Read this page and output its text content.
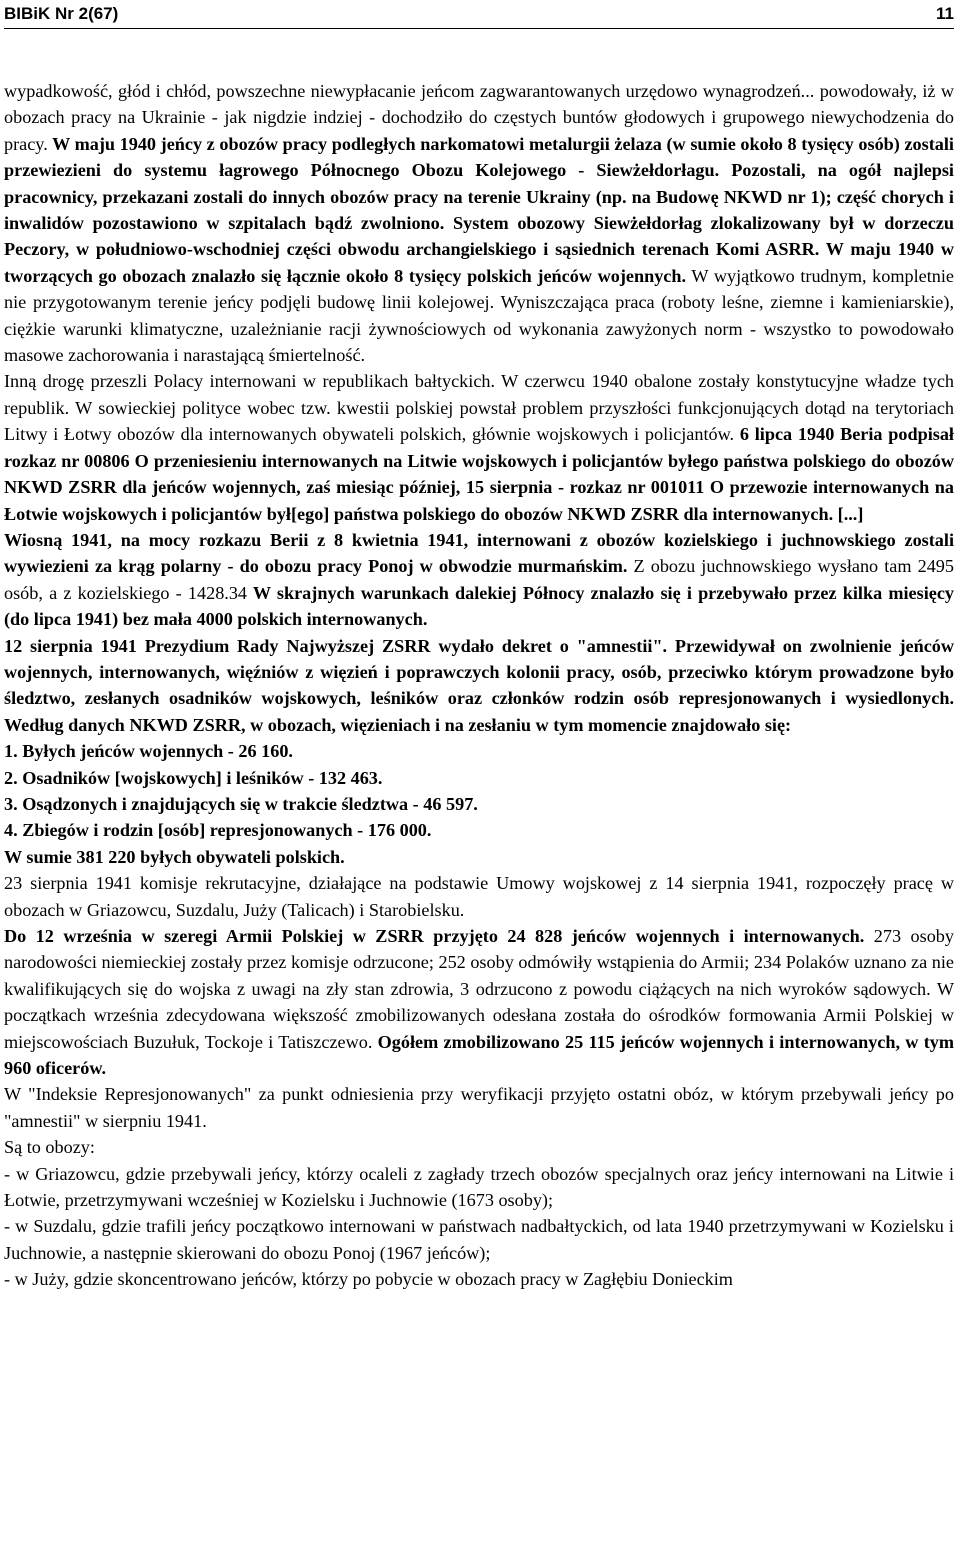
BIBiK Nr 2(67)	11

wypadkowość, głód i chłód, powszechne niewypłacanie jeńcom zagwarantowanych urzędowo wynagrodzeń... powodowały, iż w obozach pracy na Ukrainie - jak nigdzie indziej - dochodziło do częstych buntów głodowych i grupowego niewychodzenia do pracy. W maju 1940 jeńcy z obozów pracy podległych narkomatowi metalurgii żelaza (w sumie około 8 tysięcy osób) zostali przewiezieni do systemu łagrowego Północnego Obozu Kolejowego - Siewżełdorłagu. Pozostali, na ogół najlepsi pracownicy, przekazani zostali do innych obozów pracy na terenie Ukrainy (np. na Budowę NKWD nr 1); część chorych i inwalidów pozostawiono w szpitalach bądź zwolniono. System obozowy Siewżełdorłag zlokalizowany był w dorzeczu Peczory, w południowo-wschodniej części obwodu archangielskiego i sąsiednich terenach Komi ASRR. W maju 1940 w tworzących go obozach znalazło się łącznie około 8 tysięcy polskich jeńców wojennych. W wyjątkowo trudnym, kompletnie nie przygotowanym terenie jeńcy podjęli budowę linii kolejowej. Wyniszczająca praca (roboty leśne, ziemne i kamieniarskie), ciężkie warunki klimatyczne, uzależnianie racji żywnościowych od wykonania zawyżonych norm - wszystko to powodowało masowe zachorowania i narastającą śmiertelność.

Inną drogę przeszli Polacy internowani w republikach bałtyckich. W czerwcu 1940 obalone zostały konstytucyjne władze tych republik. W sowieckiej polityce wobec tzw. kwestii polskiej powstał problem przyszłości funkcjonujących dotąd na terytoriach Litwy i Łotwy obozów dla internowanych obywateli polskich, głównie wojskowych i policjantów. 6 lipca 1940 Beria podpisał rozkaz nr 00806 O przeniesieniu internowanych na Litwie wojskowych i policjantów byłego państwa polskiego do obozów NKWD ZSRR dla jeńców wojennych, zaś miesiąc później, 15 sierpnia - rozkaz nr 001011 O przewozie internowanych na Łotwie wojskowych i policjantów był[ego] państwa polskiego do obozów NKWD ZSRR dla internowanych. [...]

Wiosną 1941, na mocy rozkazu Berii z 8 kwietnia 1941, internowani z obozów kozielskiego i juchnowskiego zostali wywiezieni za krąg polarny - do obozu pracy Ponoj w obwodzie murmańskim. Z obozu juchnowskiego wysłano tam 2495 osób, a z kozielskiego - 1428.34 W skrajnych warunkach dalekiej Północy znalazło się i przebywało przez kilka miesięcy (do lipca 1941) bez mała 4000 polskich internowanych.

12 sierpnia 1941 Prezydium Rady Najwyższej ZSRR wydało dekret o "amnestii". Przewidywał on zwolnienie jeńców wojennych, internowanych, więźniów z więzień i poprawczych kolonii pracy, osób, przeciwko którym prowadzone było śledztwo, zesłanych osadników wojskowych, leśników oraz członków rodzin osób represjonowanych i wysiedlonych. Według danych NKWD ZSRR, w obozach, więzieniach i na zesłaniu w tym momencie znajdowało się:

1. Byłych jeńców wojennych - 26 160.

2. Osadników [wojskowych] i leśników - 132 463.

3. Osądzonych i znajdujących się w trakcie śledztwa - 46 597.

4. Zbiegów i rodzin [osób] represjonowanych - 176 000.

W sumie 381 220 byłych obywateli polskich.

23 sierpnia 1941 komisje rekrutacyjne, działające na podstawie Umowy wojskowej z 14 sierpnia 1941, rozpoczęły pracę w obozach w Griazowcu, Suzdalu, Juży (Talicach) i Starobielsku.

Do 12 września w szeregi Armii Polskiej w ZSRR przyjęto 24 828 jeńców wojennych i internowanych. 273 osoby narodowości niemieckiej zostały przez komisje odrzucone; 252 osoby odmówiły wstąpienia do Armii; 234 Polaków uznano za nie kwalifikujących się do wojska z uwagi na zły stan zdrowia, 3 odrzucono z powodu ciążących na nich wyroków sądowych. W początkach września zdecydowana większość zmobilizowanych odesłana została do ośrodków formowania Armii Polskiej w miejscowościach Buzułuk, Tockoje i Tatiszczewo. Ogółem zmobilizowano 25 115 jeńców wojennych i internowanych, w tym 960 oficerów.

W "Indeksie Represjonowanych" za punkt odniesienia przy weryfikacji przyjęto ostatni obóz, w którym przebywali jeńcy po "amnestii" w sierpniu 1941.

Są to obozy:

- w Griazowcu, gdzie przebywali jeńcy, którzy ocaleli z zagłady trzech obozów specjalnych oraz jeńcy internowani na Litwie i Łotwie, przetrzymywani wcześniej w Kozielsku i Juchnowie (1673 osoby);

- w Suzdalu, gdzie trafili jeńcy początkowo internowani w państwach nadbałtyckich, od lata 1940 przetrzymywani w Kozielsku i Juchnowie, a następnie skierowani do obozu Ponoj (1967 jeńców);

- w Juży, gdzie skoncentrowano jeńców, którzy po pobycie w obozach pracy w Zagłębiu Donieckim
